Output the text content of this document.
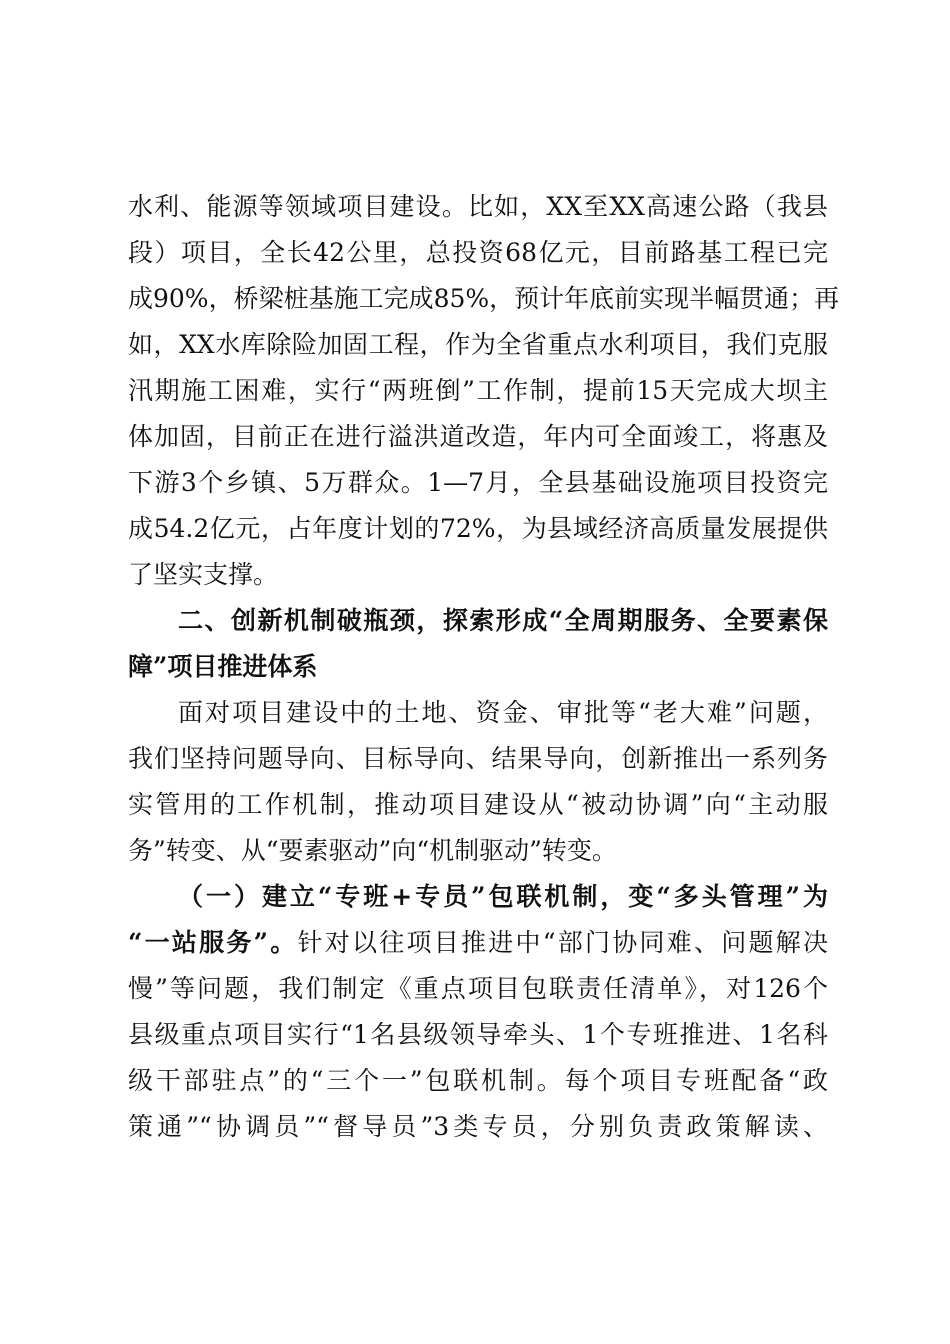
水利、能源等领域项目建设。比如，XX至XX高速公路（我县
段）项目，全长42公里，总投资68亿元，目前路基工程已完
成90%，桥梁桩基施工完成85%，预计年底前实现半幅贯通；再
如，XX水库除险加固工程，作为全省重点水利项目，我们克服
汛期施工困难，实行“两班倒”工作制，提前15天完成大坝主
体加固，目前正在进行溢洪道改造，年内可全面竣工，将惠及
下游3个乡镇、5万群众。1—7月，全县基础设施项目投资完
成54.2亿元，占年度计划的72%，为县域经济高质量发展提供
了坚实支撑。
二、创新机制破瓶颈，探索形成“全周期服务、全要素保
障”项目推进体系
面对项目建设中的土地、资金、审批等“老大难”问题，
我们坚持问题导向、目标导向、结果导向，创新推出一系列务
实管用的工作机制，推动项目建设从“被动协调”向“主动服
务”转变、从“要素驱动”向“机制驱动”转变。
（一）建立“专班+专员”包联机制，变“多头管理”为
“一站服务”。针对以往项目推进中“部门协同难、问题解决
慢”等问题，我们制定《重点项目包联责任清单》，对126个
县级重点项目实行“1名县级领导牵头、1个专班推进、1名科
级干部驻点”的“三个一”包联机制。每个项目专班配备“政
策通”“协调员”“督导员”3类专员，分别负责政策解读、
